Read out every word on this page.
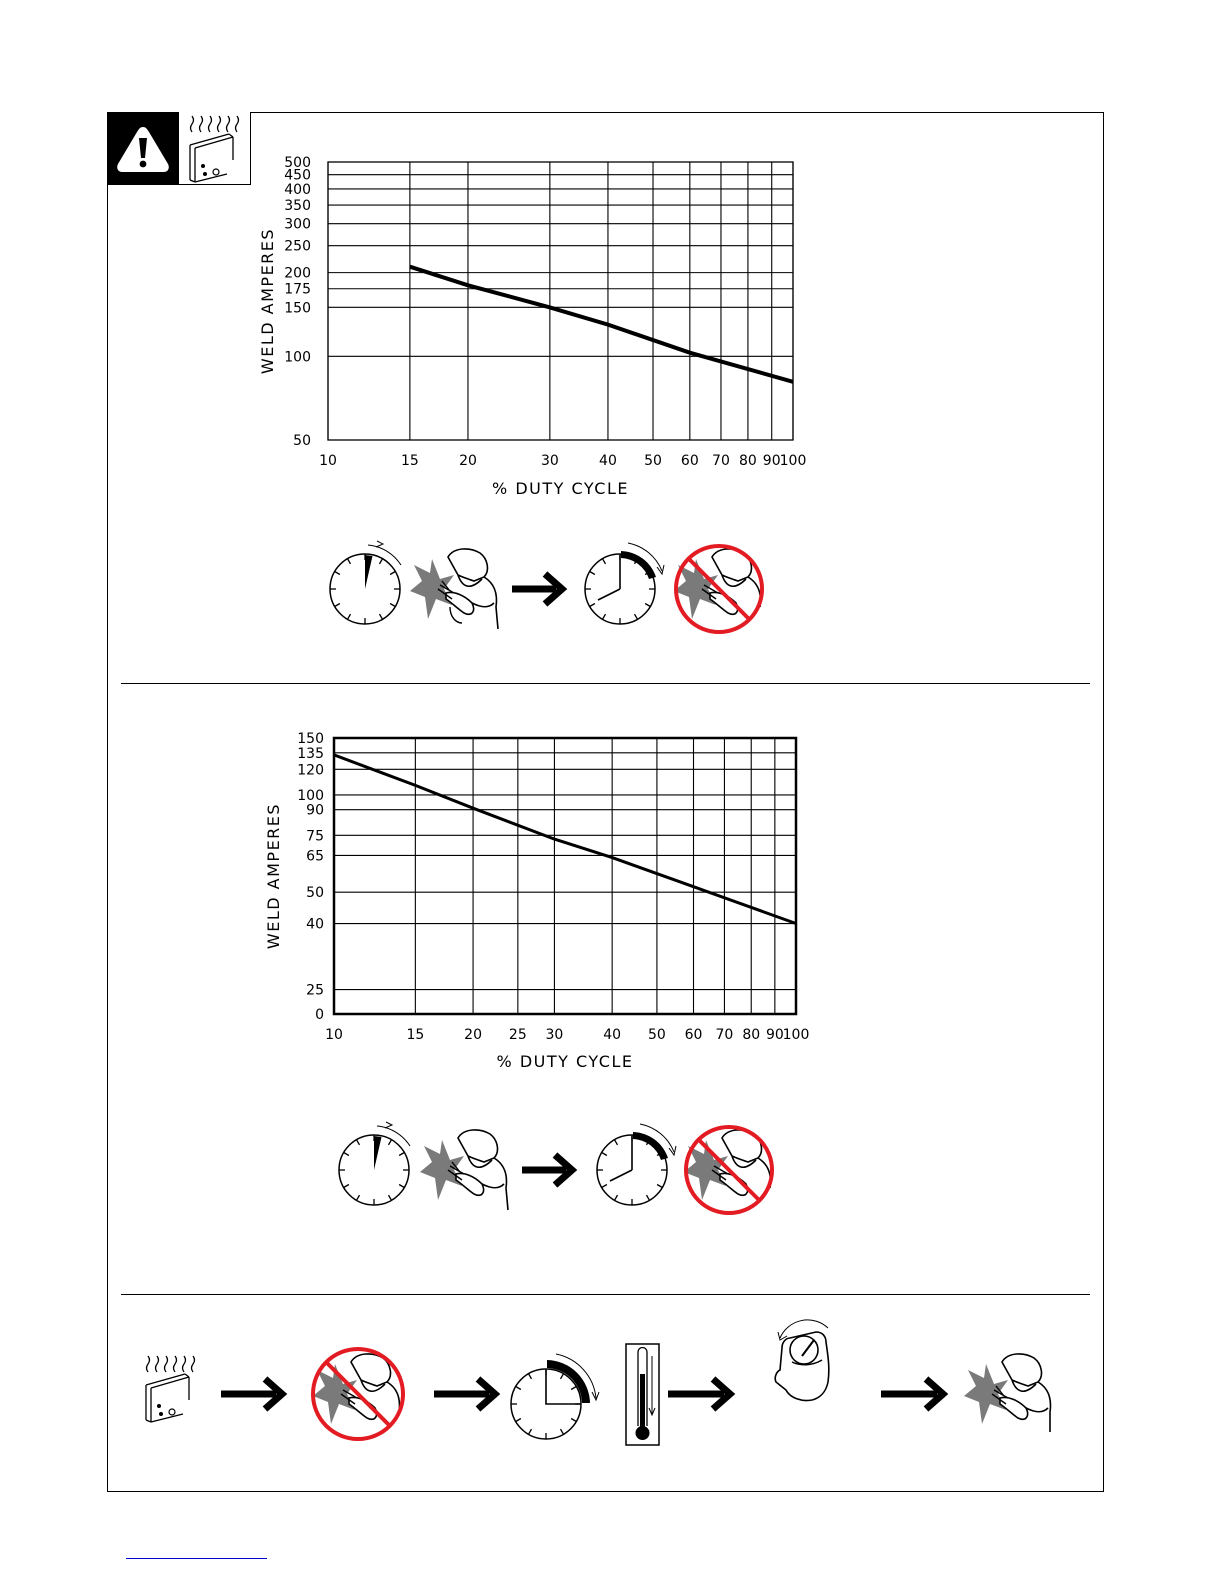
10	15	20	30	40 50 60 70 80 90
100
50
100
150
175
200
250
300
350
400
450
500
WELD AMPERES
% DUTY CYCLE
10	15	20 25 30	40 50 60 70 80 90
100
0
25
40
50
65
75
90
100
120
135
150
WELD AMPERES
% DUTY CYCLE
